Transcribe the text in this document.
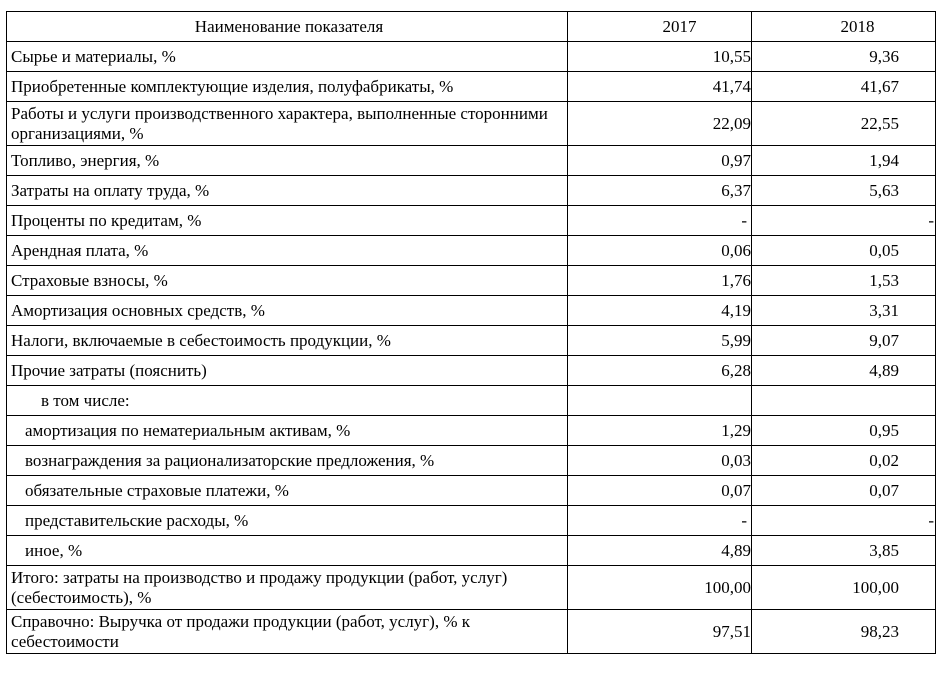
Наименование показателя	2017	2018
Сырье и материалы, %	10,55	9,36
Приобретенные комплектующие изделия, полуфабрикаты, %	41,74	41,67
Работы и услуги производственного характера, выполненные сторонними организациями, %	22,09	22,55
Топливо, энергия, %	0,97	1,94
Затраты на оплату труда, %	6,37	5,63
Проценты по кредитам, %	-	-
Арендная плата, %	0,06	0,05
Страховые взносы, %	1,76	1,53
Амортизация основных средств, %	4,19	3,31
Налоги, включаемые в себестоимость продукции, %	5,99	9,07
Прочие затраты (пояснить)	6,28	4,89
в том числе:		
амортизация по нематериальным активам, %	1,29	0,95
вознаграждения за рационализаторские предложения, %	0,03	0,02
обязательные страховые платежи, %	0,07	0,07
представительские расходы, %	-	-
иное, %	4,89	3,85
Итого: затраты на производство и продажу продукции (работ, услуг) (себестоимость), %	100,00	100,00
Справочно: Выручка от продажи продукции (работ, услуг), % к себестоимости	97,51	98,23
